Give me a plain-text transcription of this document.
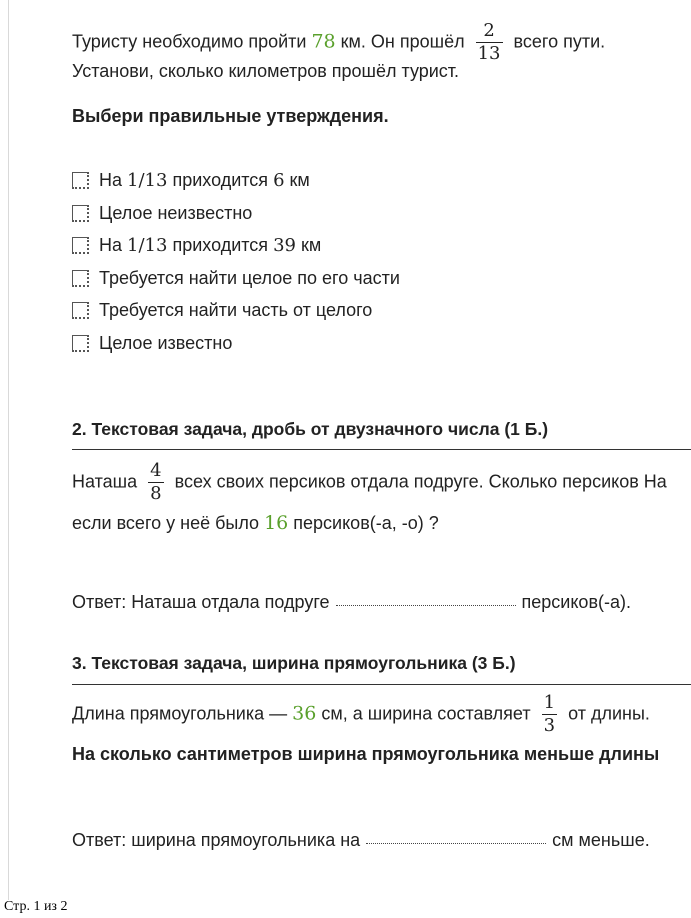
Туристу необходимо пройти 78 км. Он прошёл $\frac{2}{13}$ всего пути.
Установи, сколько километров прошёл турист.
Выбери правильные утверждения.
На 1/13 приходится 6 км
Целое неизвестно
На 1/13 приходится 39 км
Требуется найти целое по его части
Требуется найти часть от целого
Целое известно
2. Текстовая задача, дробь от двузначного числа (1 Б.)
Наташа $\frac{4}{8}$ всех своих персиков отдала подруге. Сколько персиков На
если всего у неё было 16 персиков(-а, -о) ?
Ответ: Наташа отдала подруге	персиков(-а).
3. Текстовая задача, ширина прямоугольника (3 Б.)
Длина прямоугольника — 36 см, а ширина составляет $\frac{1}{3}$ от длины.
На сколько сантиметров ширина прямоугольника меньше длины
Ответ: ширина прямоугольника на	см меньше.
Стр. 1 из 2
